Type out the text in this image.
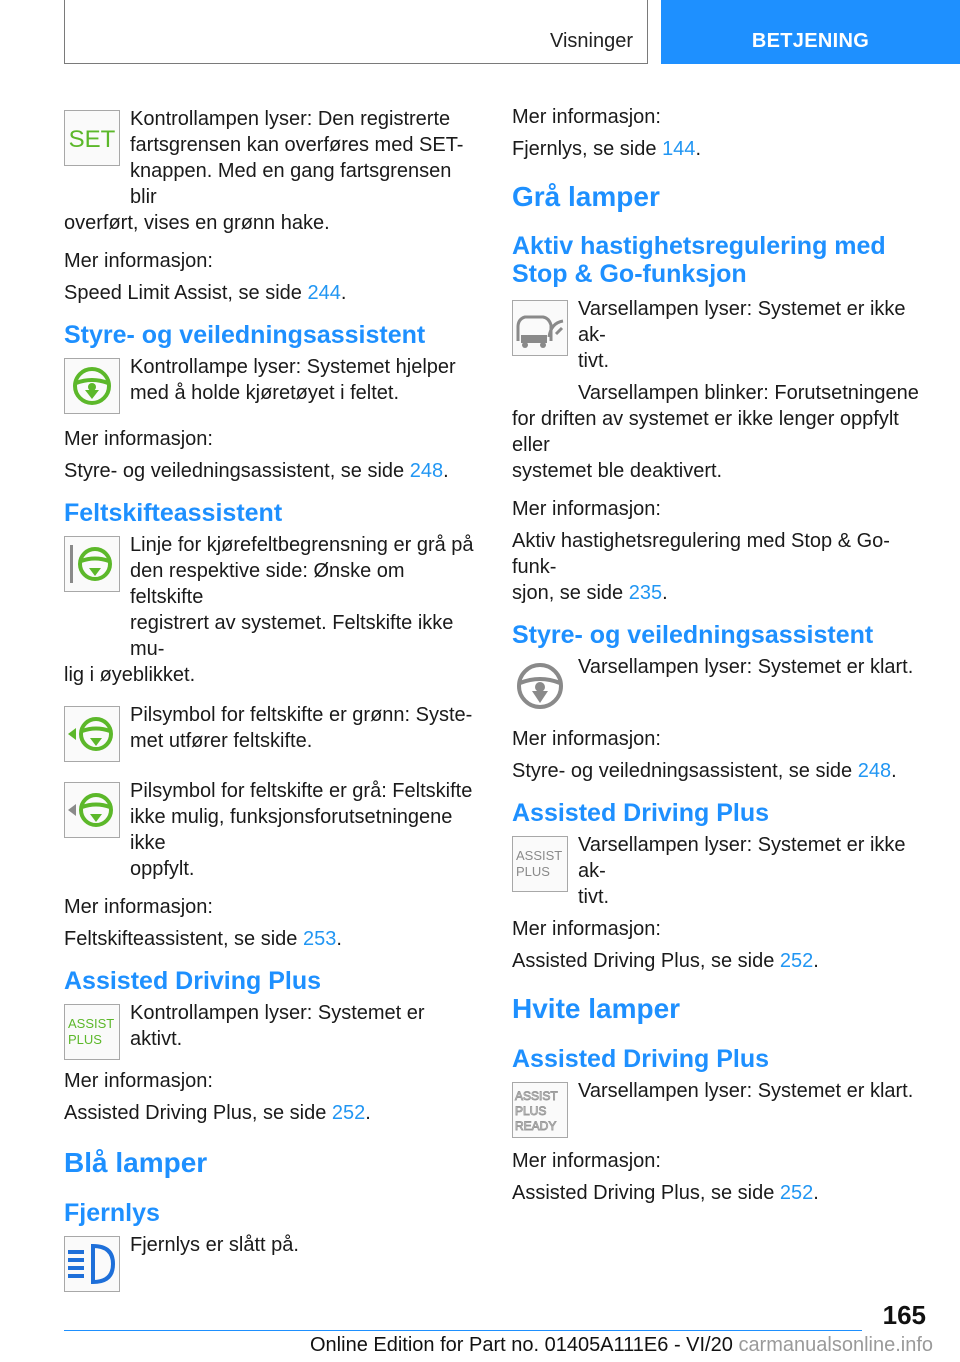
Visninger	BETJENING
SET

Kontrollampen lyser: Den registrerte

fartsgrensen kan overføres med SET-

knappen. Med en gang fartsgrensen blir

overført, vises en grønn hake.

Mer informasjon:

Speed Limit Assist, se side 244.

Styre- og veiledningsassistent

Kontrollampe lyser: Systemet hjelper

med å holde kjøretøyet i feltet.

Mer informasjon:

Styre- og veiledningsassistent, se side 248.

Feltskifteassistent

Linje for kjørefeltbegrensning er grå på

den respektive side: Ønske om feltskifte

registrert av systemet. Feltskifte ikke mu-

lig i øyeblikket.

Pilsymbol for feltskifte er grønn: Syste-

met utfører feltskifte.

Pilsymbol for feltskifte er grå: Feltskifte

ikke mulig, funksjonsforutsetningene ikke

oppfylt.

Mer informasjon:

Feltskifteassistent, se side 253.

Assisted Driving Plus
ASSIST
PLUS

Kontrollampen lyser: Systemet er aktivt.

Mer informasjon:

Assisted Driving Plus, se side 252.

Blå lamper
Fjernlys

Fjernlys er slått på.

Mer informasjon:

Fjernlys, se side 144.

Grå lamper
Aktiv hastighetsregulering med
Stop & Go-funksjon

Varsellampen lyser: Systemet er ikke ak-

tivt.

Varsellampen blinker: Forutsetningene

for driften av systemet er ikke lenger oppfylt eller

systemet ble deaktivert.

Mer informasjon:

Aktiv hastighetsregulering med Stop & Go-funk-

sjon, se side 235.

Styre- og veiledningsassistent

Varsellampen lyser: Systemet er klart.

Mer informasjon:

Styre- og veiledningsassistent, se side 248.

Assisted Driving Plus
ASSIST
PLUS

Varsellampen lyser: Systemet er ikke ak-

tivt.

Mer informasjon:

Assisted Driving Plus, se side 252.

Hvite lamper
Assisted Driving Plus
ASSIST
PLUS
READY

Varsellampen lyser: Systemet er klart.

Mer informasjon:

Assisted Driving Plus, se side 252.

165
Online Edition for Part no. 01405A111E6 - VI/20 carmanualsonline.info
